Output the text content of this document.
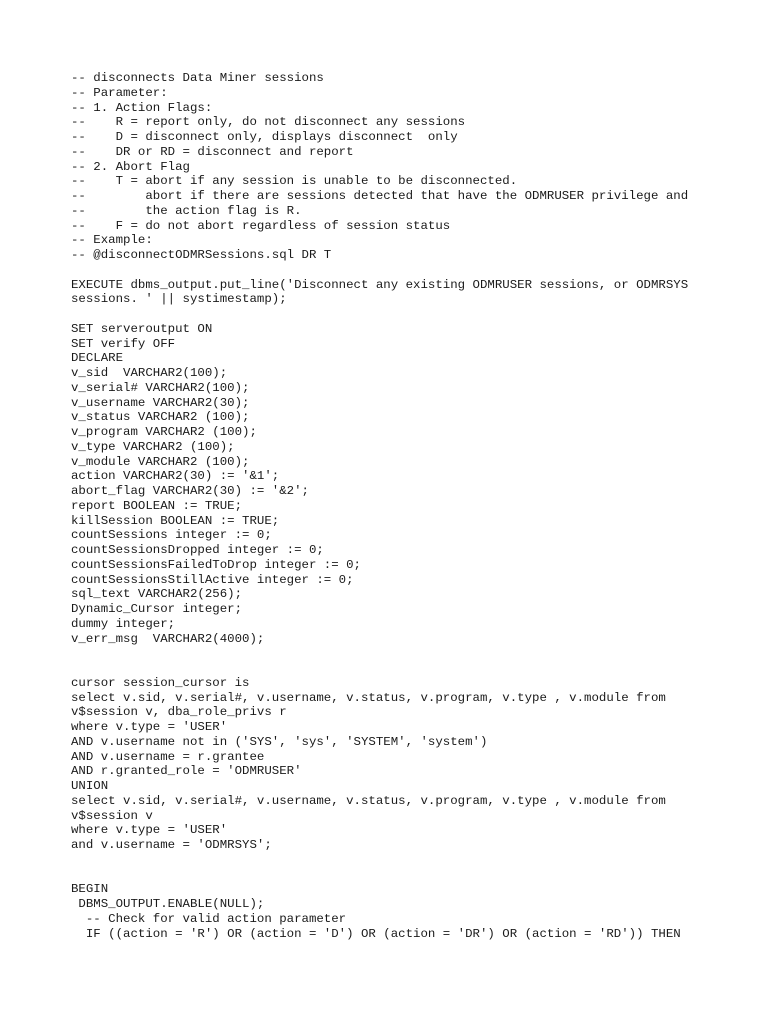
-- disconnects Data Miner sessions
-- Parameter:
-- 1. Action Flags:
--    R = report only, do not disconnect any sessions
--    D = disconnect only, displays disconnect  only
--    DR or RD = disconnect and report
-- 2. Abort Flag
--    T = abort if any session is unable to be disconnected.
--        abort if there are sessions detected that have the ODMRUSER privilege and
--        the action flag is R.
--    F = do not abort regardless of session status
-- Example:
-- @disconnectODMRSessions.sql DR T
EXECUTE dbms_output.put_line('Disconnect any existing ODMRUSER sessions, or ODMRSYS
sessions. ' || systimestamp);
SET serveroutput ON
SET verify OFF
DECLARE
v_sid  VARCHAR2(100);
v_serial# VARCHAR2(100);
v_username VARCHAR2(30);
v_status VARCHAR2 (100);
v_program VARCHAR2 (100);
v_type VARCHAR2 (100);
v_module VARCHAR2 (100);
action VARCHAR2(30) := '&1';
abort_flag VARCHAR2(30) := '&2';
report BOOLEAN := TRUE;
killSession BOOLEAN := TRUE;
countSessions integer := 0;
countSessionsDropped integer := 0;
countSessionsFailedToDrop integer := 0;
countSessionsStillActive integer := 0;
sql_text VARCHAR2(256);
Dynamic_Cursor integer;
dummy integer;
v_err_msg  VARCHAR2(4000);
cursor session_cursor is
select v.sid, v.serial#, v.username, v.status, v.program, v.type , v.module from
v$session v, dba_role_privs r
where v.type = 'USER'
AND v.username not in ('SYS', 'sys', 'SYSTEM', 'system')
AND v.username = r.grantee
AND r.granted_role = 'ODMRUSER'
UNION
select v.sid, v.serial#, v.username, v.status, v.program, v.type , v.module from
v$session v
where v.type = 'USER'
and v.username = 'ODMRSYS';
BEGIN
DBMS_OUTPUT.ENABLE(NULL);
-- Check for valid action parameter
IF ((action = 'R') OR (action = 'D') OR (action = 'DR') OR (action = 'RD')) THEN
